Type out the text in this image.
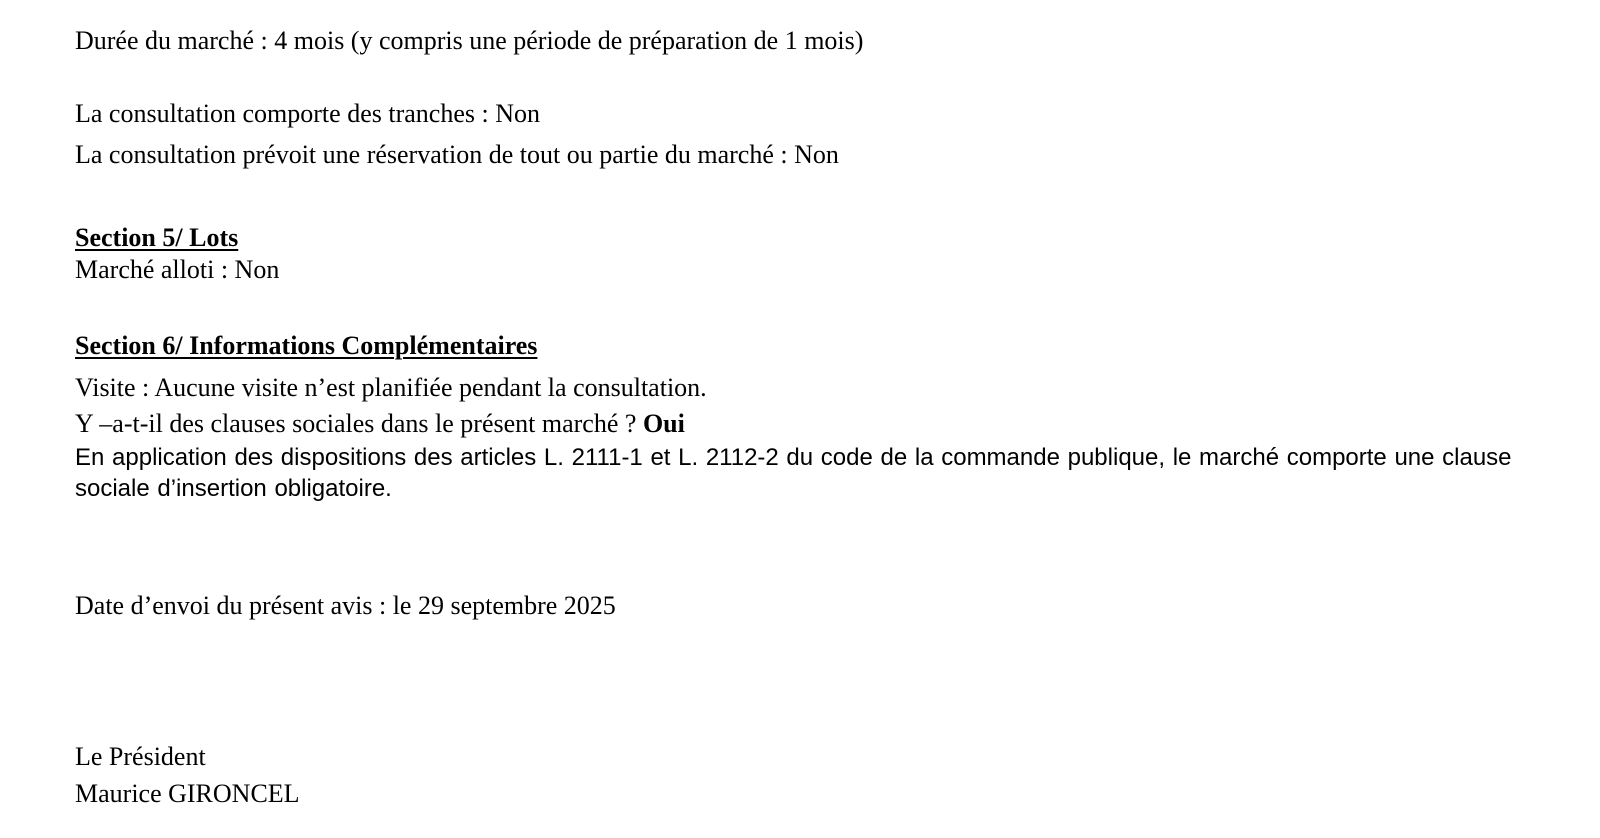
Durée du marché : 4 mois (y compris une période de préparation de 1 mois)
La consultation comporte des tranches : Non
La consultation prévoit une réservation de tout ou partie du marché : Non
Section 5/ Lots
Marché alloti : Non
Section 6/ Informations Complémentaires
Visite : Aucune visite n’est planifiée pendant la consultation.
Y –a-t-il des clauses sociales dans le présent marché ? Oui
En application des dispositions des articles L. 2111-1 et L. 2112-2 du code de la commande publique, le marché comporte une clause sociale d’insertion obligatoire.
Date d’envoi du présent avis : le 29 septembre 2025
Le Président
Maurice GIRONCEL
